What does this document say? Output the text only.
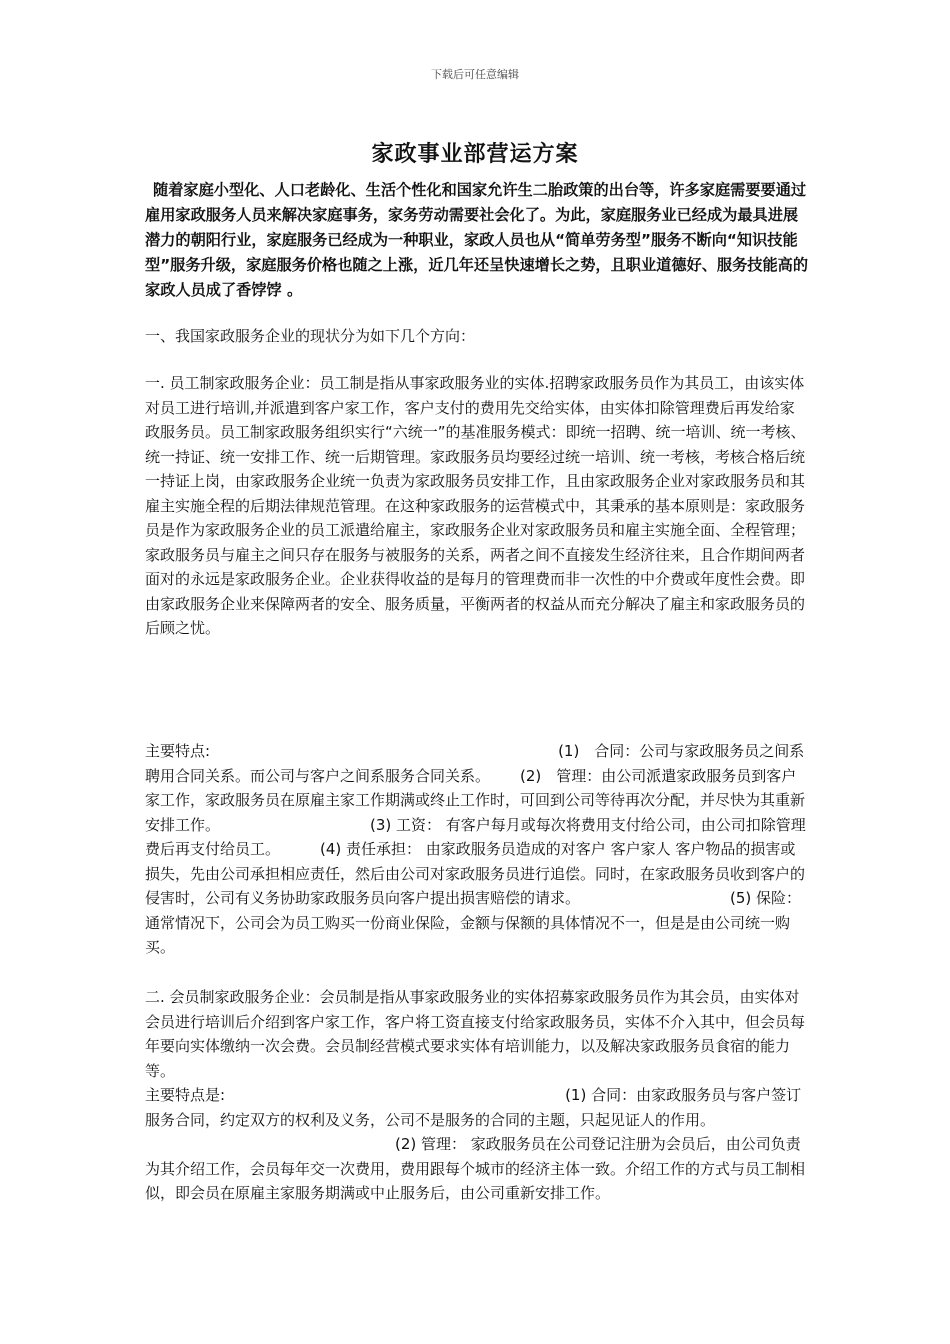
下载后可任意编辑
家政事业部营运方案

随着家庭小型化、人口老龄化、生活个性化和国家允许生二胎政策的出台等，许多家庭需要要通过雇用家政服务人员来解决家庭事务，家务劳动需要社会化了。为此，家庭服务业已经成为最具进展潜力的朝阳行业，家庭服务已经成为一种职业，家政人员也从“简单劳务型”服务不断向“知识技能型”服务升级，家庭服务价格也随之上涨，近几年还呈快速增长之势，且职业道德好、服务技能高的家政人员成了香饽饽 。

一、我国家政服务企业的现状分为如下几个方向：

一. 员工制家政服务企业：员工制是指从事家政服务业的实体.招聘家政服务员作为其员工，由该实体对员工进行培训,并派遣到客户家工作，客户支付的费用先交给实体，由实体扣除管理费后再发给家政服务员。员工制家政服务组织实行“六统一”的基准服务模式：即统一招聘、统一培训、统一考核、统一持证、统一安排工作、统一后期管理。家政服务员均要经过统一培训、统一考核，考核合格后统一持证上岗，由家政服务企业统一负责为家政服务员安排工作，且由家政服务企业对家政服务员和其雇主实施全程的后期法律规范管理。在这种家政服务的运营模式中，其秉承的基本原则是：家政服务员是作为家政服务企业的员工派遣给雇主，家政服务企业对家政服务员和雇主实施全面、全程管理；家政服务员与雇主之间只存在服务与被服务的关系，两者之间不直接发生经济往来，且合作期间两者面对的永远是家政服务企业。企业获得收益的是每月的管理费而非一次性的中介费或年度性会费。即由家政服务企业来保障两者的安全、服务质量，平衡两者的权益从而充分解决了雇主和家政服务员的后顾之忧。

主要特点:	(1)　合同：公司与家政服务员之间系聘用合同关系。而公司与客户之间系服务合同关系。 (2)　管理：由公司派遣家政服务员到客户家工作，家政服务员在原雇主家工作期满或终止工作时，可回到公司等待再次分配，并尽快为其重新安排工作。	(3) 工资： 有客户每月或每次将费用支付给公司，由公司扣除管理费后再支付给员工。	(4) 责任承担： 由家政服务员造成的对客户 客户家人 客户物品的损害或损失，先由公司承担相应责任，然后由公司对家政服务员进行追偿。同时，在家政服务员收到客户的侵害时，公司有义务协助家政服务员向客户提出损害赔偿的请求。	(5) 保险： 通常情况下，公司会为员工购买一份商业保险，金额与保额的具体情况不一，但是是由公司统一购买。

二. 会员制家政服务企业：会员制是指从事家政服务业的实体招募家政服务员作为其会员，由实体对会员进行培训后介绍到客户家工作，客户将工资直接支付给家政服务员，实体不介入其中，但会员每年要向实体缴纳一次会费。会员制经营模式要求实体有培训能力，以及解决家政服务员食宿的能力等。

主要特点是:	(1) 合同：由家政服务员与客户签订服务合同，约定双方的权利及义务，公司不是服务的合同的主题，只起见证人的作用。(2) 管理： 家政服务员在公司登记注册为会员后，由公司负责为其介绍工作，会员每年交一次费用，费用跟每个城市的经济主体一致。介绍工作的方式与员工制相似，即会员在原雇主家服务期满或中止服务后，由公司重新安排工作。
